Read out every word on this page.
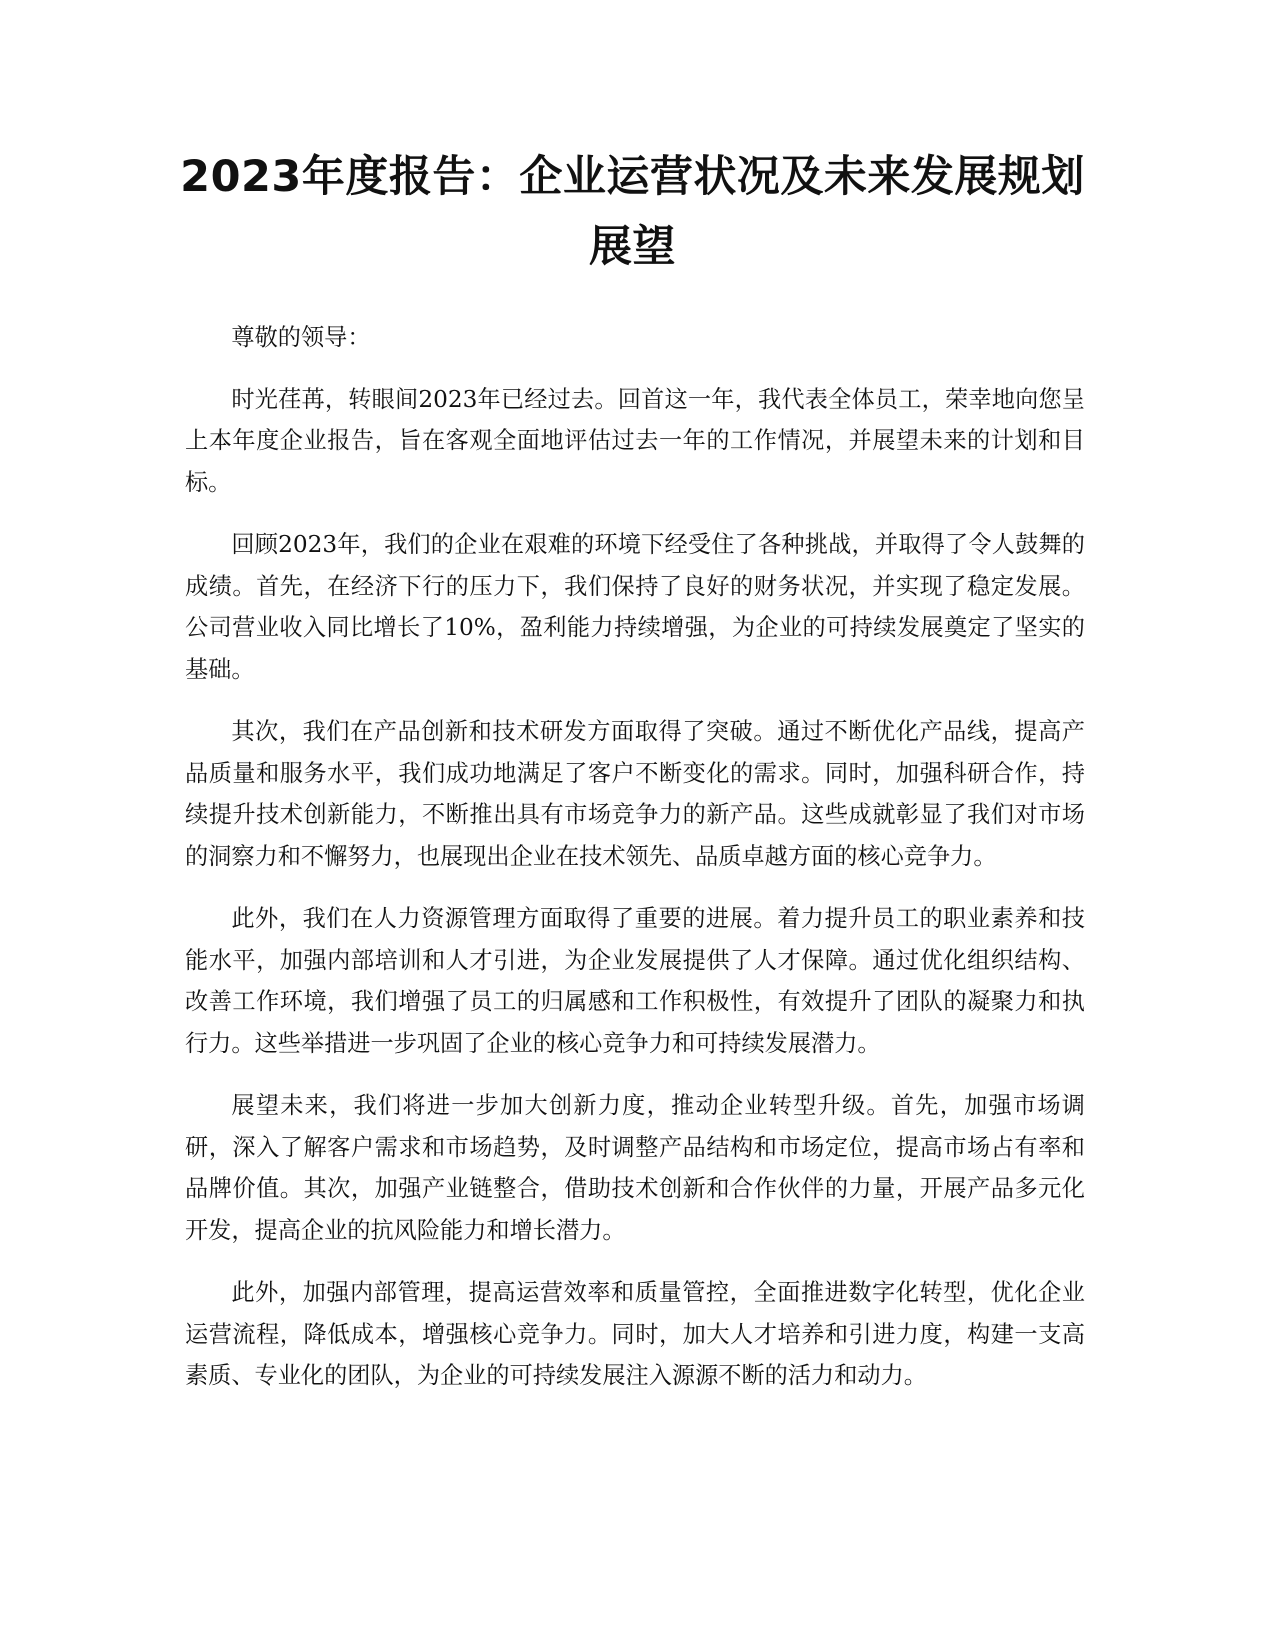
2023年度报告：企业运营状况及未来发展规划展望

尊敬的领导：

时光荏苒，转眼间2023年已经过去。回首这一年，我代表全体员工，荣幸地向您呈上本年度企业报告，旨在客观全面地评估过去一年的工作情况，并展望未来的计划和目标。

回顾2023年，我们的企业在艰难的环境下经受住了各种挑战，并取得了令人鼓舞的成绩。首先，在经济下行的压力下，我们保持了良好的财务状况，并实现了稳定发展。公司营业收入同比增长了10%，盈利能力持续增强，为企业的可持续发展奠定了坚实的基础。

其次，我们在产品创新和技术研发方面取得了突破。通过不断优化产品线，提高产品质量和服务水平，我们成功地满足了客户不断变化的需求。同时，加强科研合作，持续提升技术创新能力，不断推出具有市场竞争力的新产品。这些成就彰显了我们对市场的洞察力和不懈努力，也展现出企业在技术领先、品质卓越方面的核心竞争力。

此外，我们在人力资源管理方面取得了重要的进展。着力提升员工的职业素养和技能水平，加强内部培训和人才引进，为企业发展提供了人才保障。通过优化组织结构、改善工作环境，我们增强了员工的归属感和工作积极性，有效提升了团队的凝聚力和执行力。这些举措进一步巩固了企业的核心竞争力和可持续发展潜力。

展望未来，我们将进一步加大创新力度，推动企业转型升级。首先，加强市场调研，深入了解客户需求和市场趋势，及时调整产品结构和市场定位，提高市场占有率和品牌价值。其次，加强产业链整合，借助技术创新和合作伙伴的力量，开展产品多元化开发，提高企业的抗风险能力和增长潜力。

此外，加强内部管理，提高运营效率和质量管控，全面推进数字化转型，优化企业运营流程，降低成本，增强核心竞争力。同时，加大人才培养和引进力度，构建一支高素质、专业化的团队，为企业的可持续发展注入源源不断的活力和动力。
